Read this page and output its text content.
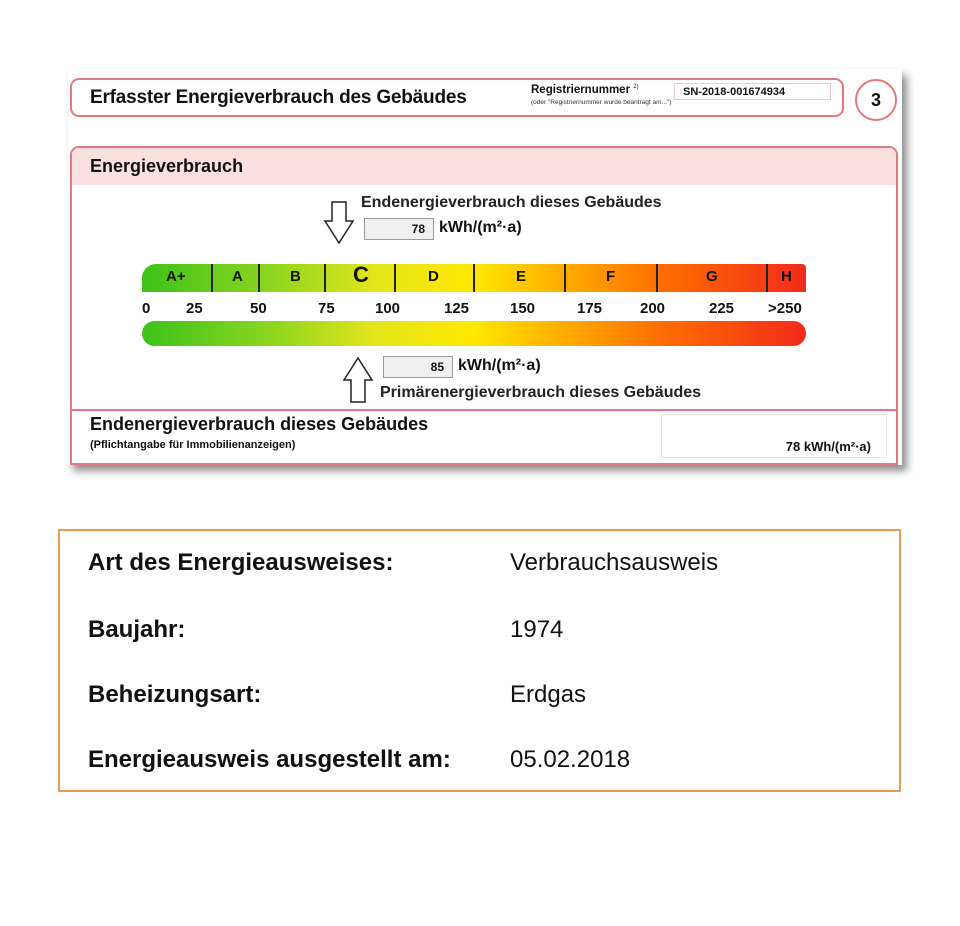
Erfasster Energieverbrauch des Gebäudes	Registriernummer $^{2)}$
(oder "Registriernummer wurde beantragt am...")
SN-2018-001674934	3
Energieverbrauch
Endenergieverbrauch dieses Gebäudes
78 kWh/(m²·a)
A+	A	B C	D	E	F	G	H
0 25	50	75	100	125	150	175	200	225 >250
85 kWh/(m²·a)
Primärenergieverbrauch dieses Gebäudes
Endenergieverbrauch dieses Gebäudes
(Pflichtangabe für Immobilienanzeigen)	78 kWh/(m²·a)
Art des Energieausweises:	Verbrauchsausweis
Baujahr:	1974
Beheizungsart:	Erdgas
Energieausweis ausgestellt am: 05.02.2018
